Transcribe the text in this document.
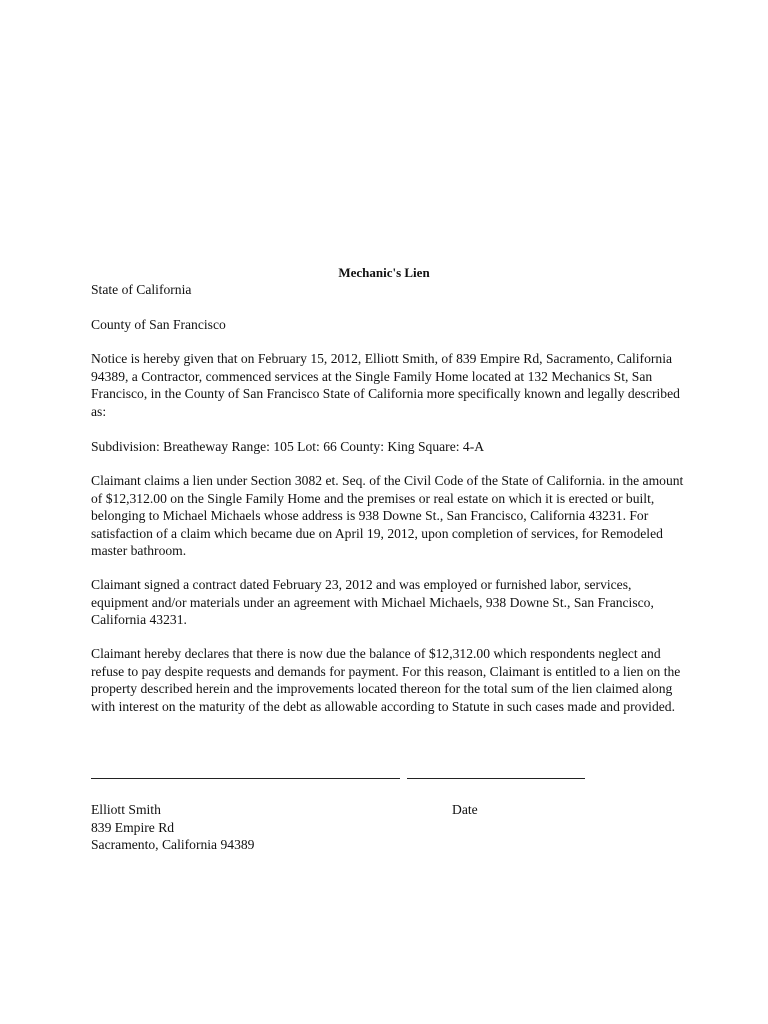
Mechanic's Lien
State of California
County of San Francisco

Notice is hereby given that on February 15, 2012, Elliott Smith, of 839 Empire Rd, Sacramento, California 94389, a Contractor, commenced services at the Single Family Home located at 132 Mechanics St, San Francisco, in the County of San Francisco State of California more specifically known and legally described as:

Subdivision: Breatheway Range: 105 Lot: 66 County: King Square: 4-A

Claimant claims a lien under Section 3082 et. Seq. of the Civil Code of the State of California. in the amount of $12,312.00 on the Single Family Home and the premises or real estate on which it is erected or built, belonging to Michael Michaels whose address is 938 Downe St., San Francisco, California 43231. For satisfaction of a claim which became due on April 19, 2012, upon completion of services, for Remodeled master bathroom.

Claimant signed a contract dated February 23, 2012 and was employed or furnished labor, services, equipment and/or materials under an agreement with Michael Michaels, 938 Downe St., San Francisco, California 43231.

Claimant hereby declares that there is now due the balance of $12,312.00 which respondents neglect and refuse to pay despite requests and demands for payment. For this reason, Claimant is entitled to a lien on the property described herein and the improvements located thereon for the total sum of the lien claimed along with interest on the maturity of the debt as allowable according to Statute in such cases made and provided.

Elliott Smith
839 Empire Rd
Sacramento, California 94389
Date
